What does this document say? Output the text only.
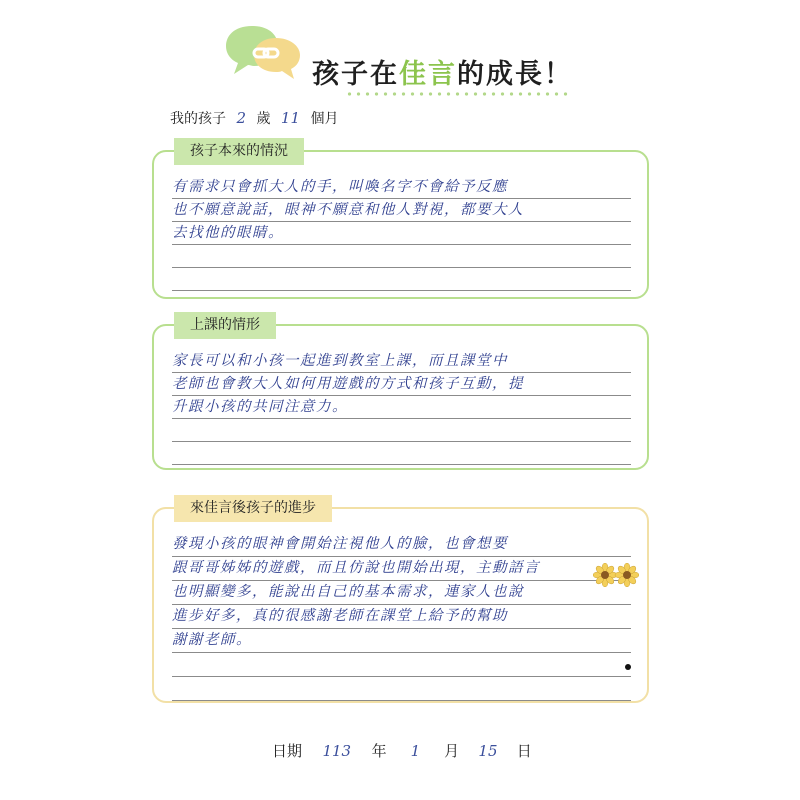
孩子在佳言的成長！
我的孩子 2 歲 11 個月
孩子本來的情況
有需求只會抓大人的手，叫喚名字不會給予反應
也不願意說話，眼神不願意和他人對視，都要大人
去找他的眼睛。
上課的情形
家長可以和小孩一起進到教室上課，而且課堂中
老師也會教大人如何用遊戲的方式和孩子互動，提
升跟小孩的共同注意力。
來佳言後孩子的進步
發現小孩的眼神會開始注視他人的臉，也會想要
跟哥哥姊姊的遊戲，而且仿說也開始出現，主動語言
也明顯變多，能說出自己的基本需求，連家人也說
進步好多，真的很感謝老師在課堂上給予的幫助
謝謝老師。
日期 113 年 1 月 15 日
